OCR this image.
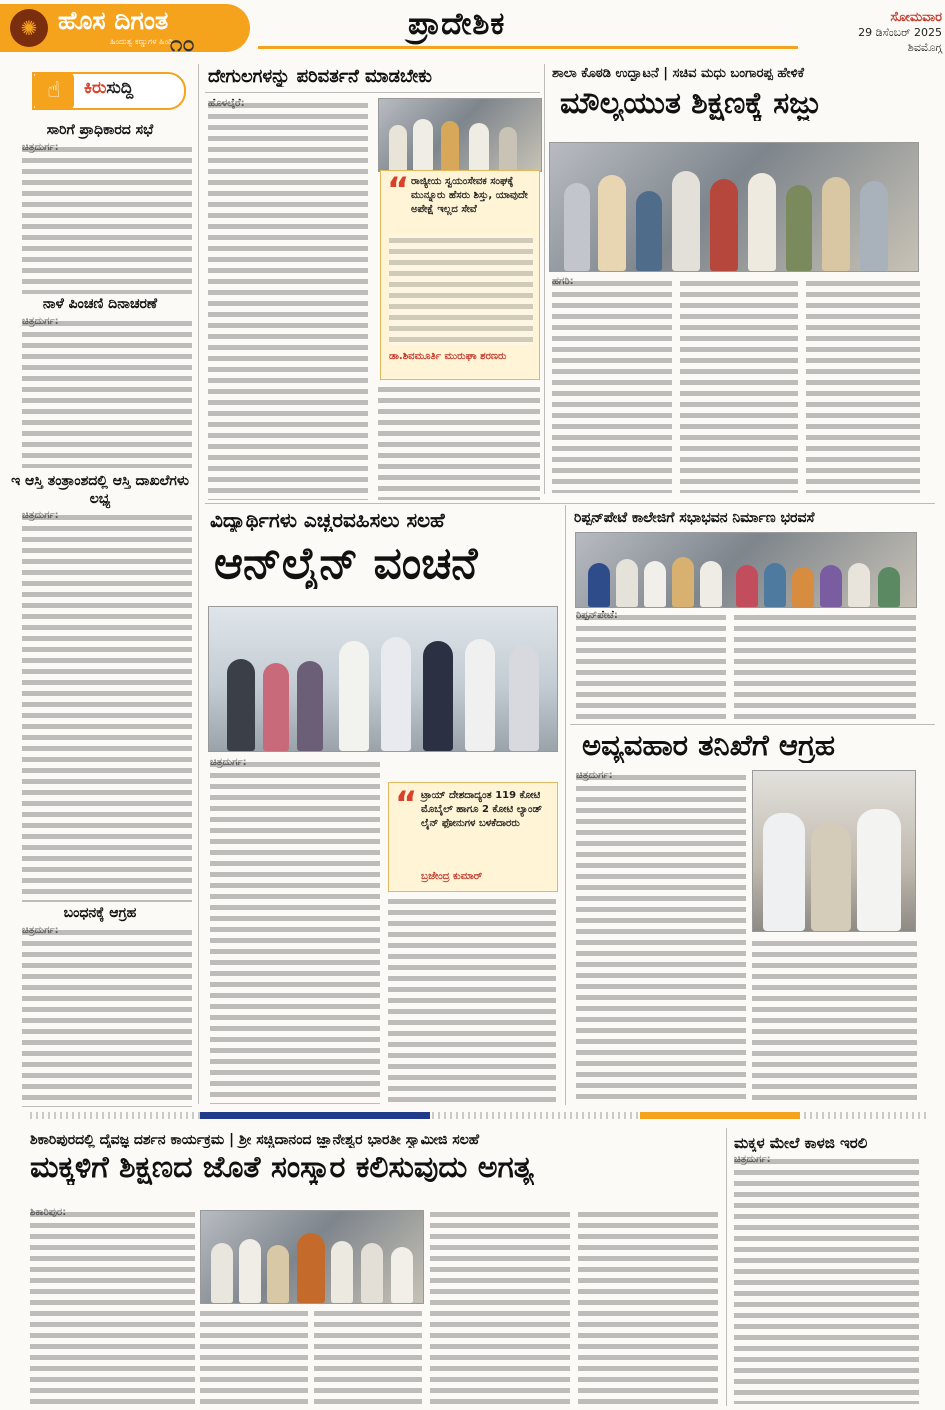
✺ ಹೊಸ ದಿಗಂತ
ಹಿಂದುತ್ವ ಕಣ್ಣುಗಳ ಹಿಂದಿ
೧೦
ಪ್ರಾದೇಶಿಕ	ಸೋಮವಾರ
29 ಡಿಸೆಂಬರ್ 2025
ಶಿವಮೊಗ್ಗ
☝	ಕಿರುಸುದ್ದಿ
ಸಾರಿಗೆ ಪ್ರಾಧಿಕಾರದ ಸಭೆ
ನಾಳೆ ಪಿಂಚಣಿ ದಿನಾಚರಣೆ
ಇ ಆಸ್ತಿ ತಂತ್ರಾಂಶದಲ್ಲಿ ಆಸ್ತಿ ದಾಖಲೆಗಳು ಲಭ್ಯ
ಬಂಧನಕ್ಕೆ ಆಗ್ರಹ
ದೇಗುಲಗಳನ್ನು ಪರಿವರ್ತನೆ ಮಾಡಬೇಕು
“ ರಾಜ್ಯೀಯ ಸ್ವಯಂಸೇವಕ ಸಂಘಕ್ಕೆ ಮುನ್ನೂರು ಹೆಸರು ಶಿಸ್ತು, ಯಾವುದೇ ಅಪೇಕ್ಷೆ ಇಲ್ಲದ ಸೇವೆ
ಡಾ.ಶಿವಮೂರ್ತಿ ಮುರುಘಾ ಶರಣರು
ಶಾಲಾ ಕೊಠಡಿ ಉದ್ಘಾಟನೆ | ಸಚಿವ ಮಧು ಬಂಗಾರಪ್ಪ ಹೇಳಿಕೆ
ಮೌಲ್ಯಯುತ ಶಿಕ್ಷಣಕ್ಕೆ ಸಜ್ಜು
ವಿದ್ಯಾರ್ಥಿಗಳು ಎಚ್ಚರವಹಿಸಲು ಸಲಹೆ
ಆನ್‌ಲೈನ್ ವಂಚನೆ
“ ಟ್ರಾಯ್ ದೇಶದಾದ್ಯಂತ 119 ಕೋಟಿ ಮೊಬೈಲ್ ಹಾಗೂ 2 ಕೋಟಿ ಲ್ಯಾಂಡ್ ಲೈನ್ ಫೋನುಗಳ ಬಳಕೆದಾರರು
ಬ್ರಜೇಂದ್ರ ಕುಮಾರ್
ರಿಪ್ಪನ್‌ಪೇಟೆ ಕಾಲೇಜಿಗೆ ಸಭಾಭವನ ನಿರ್ಮಾಣ ಭರವಸೆ
ಅವ್ಯವಹಾರ ತನಿಖೆಗೆ ಆಗ್ರಹ
ಶಿಕಾರಿಪುರದಲ್ಲಿ ದೈವಜ್ಞ ದರ್ಶನ ಕಾರ್ಯಕ್ರಮ | ಶ್ರೀ ಸಚ್ಚಿದಾನಂದ ಜ್ಞಾನೇಶ್ವರ ಭಾರತೀ ಸ್ವಾಮೀಜಿ ಸಲಹೆ
ಮಕ್ಕಳಿಗೆ ಶಿಕ್ಷಣದ ಜೊತೆ ಸಂಸ್ಕಾರ ಕಲಿಸುವುದು ಅಗತ್ಯ
ಮಕ್ಕಳ ಮೇಲೆ ಕಾಳಜಿ ಇರಲಿ
